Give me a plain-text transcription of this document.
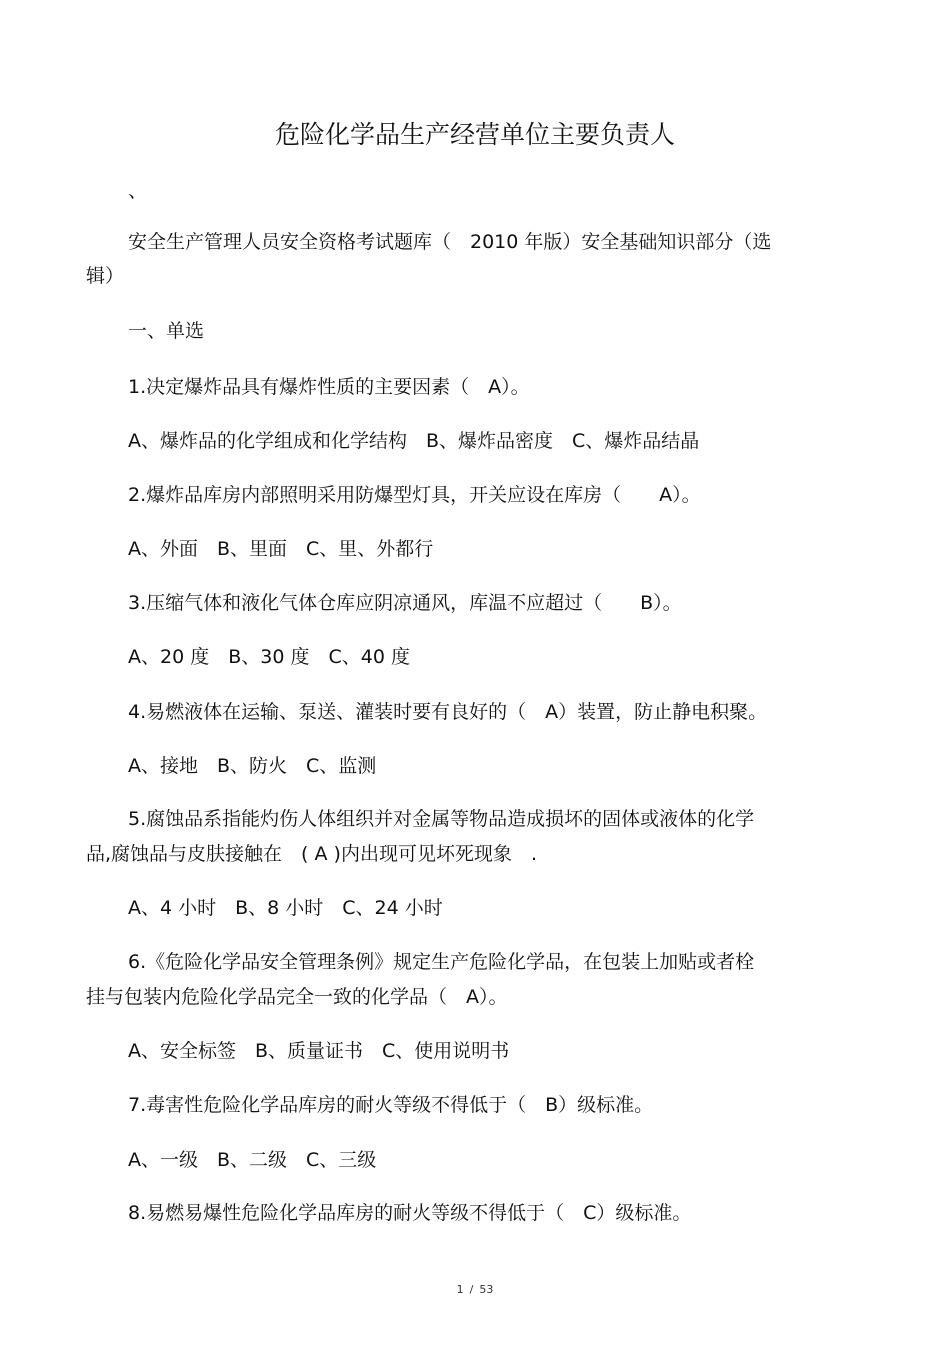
危险化学品生产经营单位主要负责人
、

安全生产管理人员安全资格考试题库（　2010 年版）安全基础知识部分（选

辑）

一、单选

1.决定爆炸品具有爆炸性质的主要因素（　A）。

A、爆炸品的化学组成和化学结构　B、爆炸品密度　C、爆炸品结晶

2.爆炸品库房内部照明采用防爆型灯具，开关应设在库房（　　A）。

A、外面　B、里面　C、里、外都行

3.压缩气体和液化气体仓库应阴凉通风，库温不应超过（　　B）。

A、20 度　B、30 度　C、40 度

4.易燃液体在运输、泵送、灌装时要有良好的（　A）装置，防止静电积聚。

A、接地　B、防火　C、监测

5.腐蚀品系指能灼伤人体组织并对金属等物品造成损坏的固体或液体的化学

品,腐蚀品与皮肤接触在　( A )内出现可见坏死现象　.

A、4 小时　B、8 小时　C、24 小时

6.《危险化学品安全管理条例》规定生产危险化学品，在包装上加贴或者栓

挂与包装内危险化学品完全一致的化学品（　A）。

A、安全标签　B、质量证书　C、使用说明书

7.毒害性危险化学品库房的耐火等级不得低于（　B）级标准。

A、一级　B、二级　C、三级

8.易燃易爆性危险化学品库房的耐火等级不得低于（　C）级标准。

1 / 53
